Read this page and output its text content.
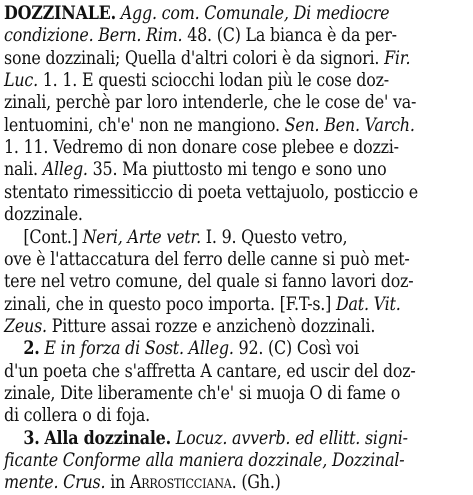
DOZZINALE. Agg. com. Comunale, Di mediocre
condizione. Bern. Rim. 48. (C) La bianca è da per-
sone dozzinali; Quella d'altri colori è da signori. Fir.
Luc. 1. 1. E questi sciocchi lodan più le cose doz-
zinali, perchè par loro intenderle, che le cose de' va-
lentuomini, ch'e' non ne mangiono. Sen. Ben. Varch.
1. 11. Vedremo di non donare cose plebee e dozzi-
nali. Alleg. 35. Ma piuttosto mi tengo e sono uno
stentato rimessiticcio di poeta vettajuolo, posticcio e
dozzinale.
[Cont.] Neri, Arte vetr. I. 9. Questo vetro,
ove è l'attaccatura del ferro delle canne si può met-
tere nel vetro comune, del quale si fanno lavori doz-
zinali, che in questo poco importa. [F.T-s.] Dat. Vit.
Zeus. Pitture assai rozze e anzichenò dozzinali.
2. E in forza di Sost. Alleg. 92. (C) Così voi
d'un poeta che s'affretta A cantare, ed uscir del doz-
zinale, Dite liberamente ch'e' si muoja O di fame o
di collera o di foja.
3. Alla dozzinale. Locuz. avverb. ed ellitt. signi-
ficante Conforme alla maniera dozzinale, Dozzinal-
mente. Crus. in Arrosticciana. (Gh.)
